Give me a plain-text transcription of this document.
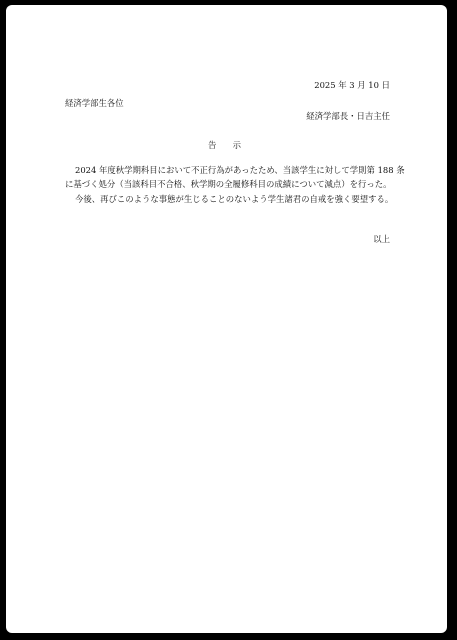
2025 年 3 月 10 日
経済学部生各位
経済学部長・日吉主任
告　示
2024 年度秋学期科目において不正行為があったため、当該学生に対して学則第 188 条
に基づく処分（当該科目不合格、秋学期の全履修科目の成績について減点）を行った。
今後、再びこのような事態が生じることのないよう学生諸君の自戒を強く要望する。
以上
